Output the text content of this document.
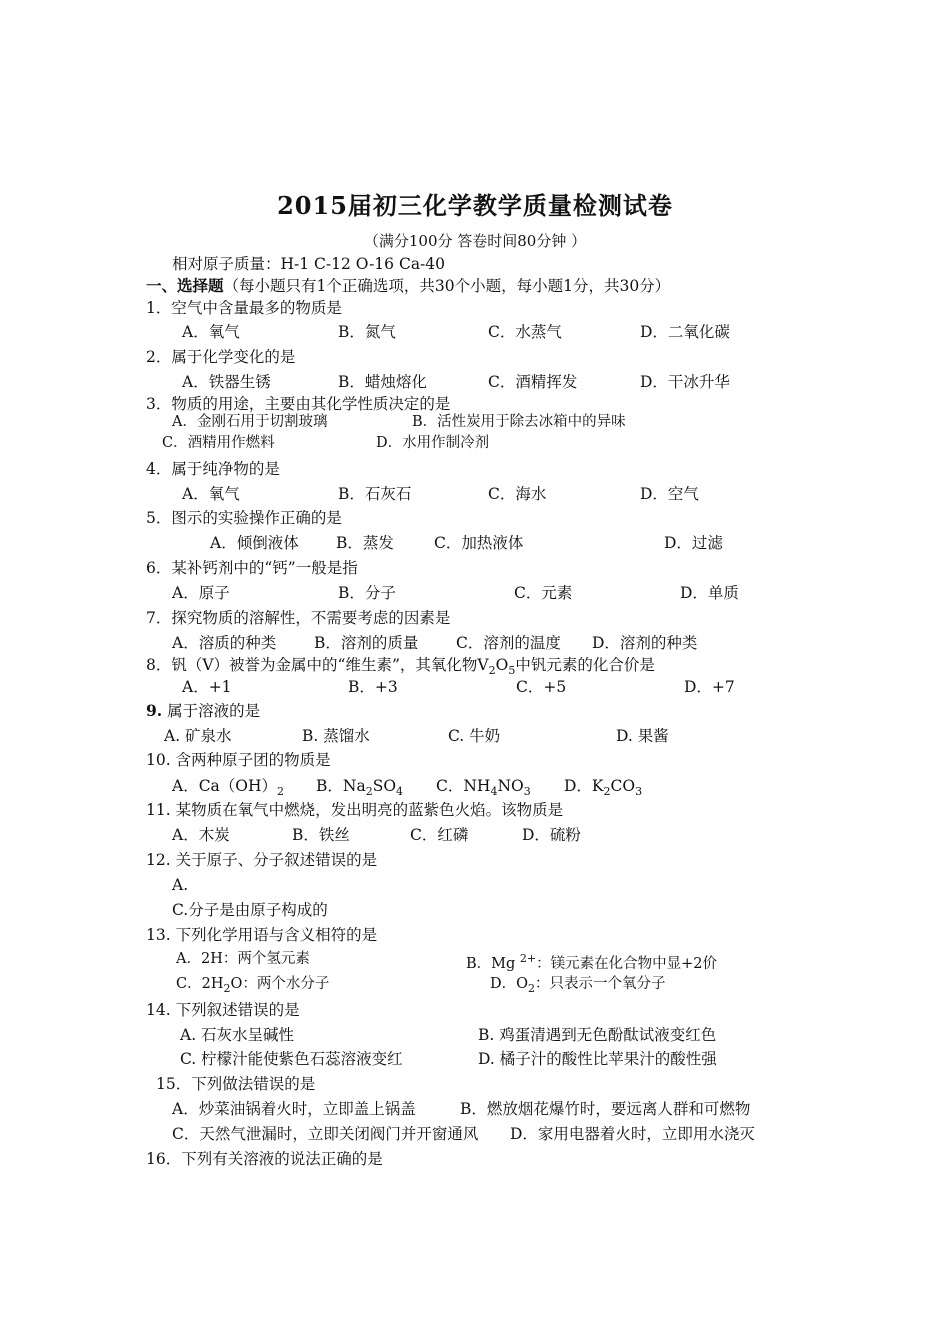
2015届初三化学教学质量检测试卷
（满分100分 答卷时间80分钟 ）
相对原子质量：H-1 C-12 O-16 Ca-40
一、选择题（每小题只有1个正确选项，共30个小题，每小题1分，共30分）
1．空气中含量最多的物质是
A．氧气	B．氮气	C．水蒸气	D．二氧化碳
2．属于化学变化的是
A．铁器生锈	B．蜡烛熔化	C．酒精挥发	D．干冰升华
3．物质的用途，主要由其化学性质决定的是
A．金刚石用于切割玻璃	B．活性炭用于除去冰箱中的异味
C．酒精用作燃料	D．水用作制冷剂
4．属于纯净物的是
A．氧气	B．石灰石	C．海水	D．空气
5．图示的实验操作正确的是
A．倾倒液体 B．蒸发	C．加热液体	D．过滤
6．某补钙剂中的“钙”一般是指
A．原子	B．分子	C．元素	D．单质
7．探究物质的溶解性，不需要考虑的因素是
A．溶质的种类 B．溶剂的质量 C．溶剂的温度 D．溶剂的种类
8．钒（V）被誉为金属中的“维生素”，其氧化物$V_2O_5$中钒元素的化合价是
A．+1	B．+3	C．+5	D．+7
9. 属于溶液的是
A. 矿泉水	B. 蒸馏水	C. 牛奶	D. 果酱
10. 含两种原子团的物质是
A．$Ca(OH)_2$ B．$Na_2SO_4$ C．$NH_4NO_3$ D．$K_2CO_3$
11. 某物质在氧气中燃烧，发出明亮的蓝紫色火焰。该物质是
A．木炭	B．铁丝	C．红磷	D．硫粉
12. 关于原子、分子叙述错误的是
A.
C.分子是由原子构成的
13. 下列化学用语与含义相符的是
A．2H：两个氢元素	B．Mg $^{2+}$：镁元素在化合物中显+2价
C．$2H_2O$：两个水分子	D．$O_2$：只表示一个氧分子
14. 下列叙述错误的是
A. 石灰水呈碱性	B. 鸡蛋清遇到无色酚酞试液变红色
C. 柠檬汁能使紫色石蕊溶液变红	D. 橘子汁的酸性比苹果汁的酸性强
15．下列做法错误的是
A．炒菜油锅着火时，立即盖上锅盖	B．燃放烟花爆竹时，要远离人群和可燃物
C．天然气泄漏时，立即关闭阀门并开窗通风 D．家用电器着火时，立即用水浇灭
16．下列有关溶液的说法正确的是
